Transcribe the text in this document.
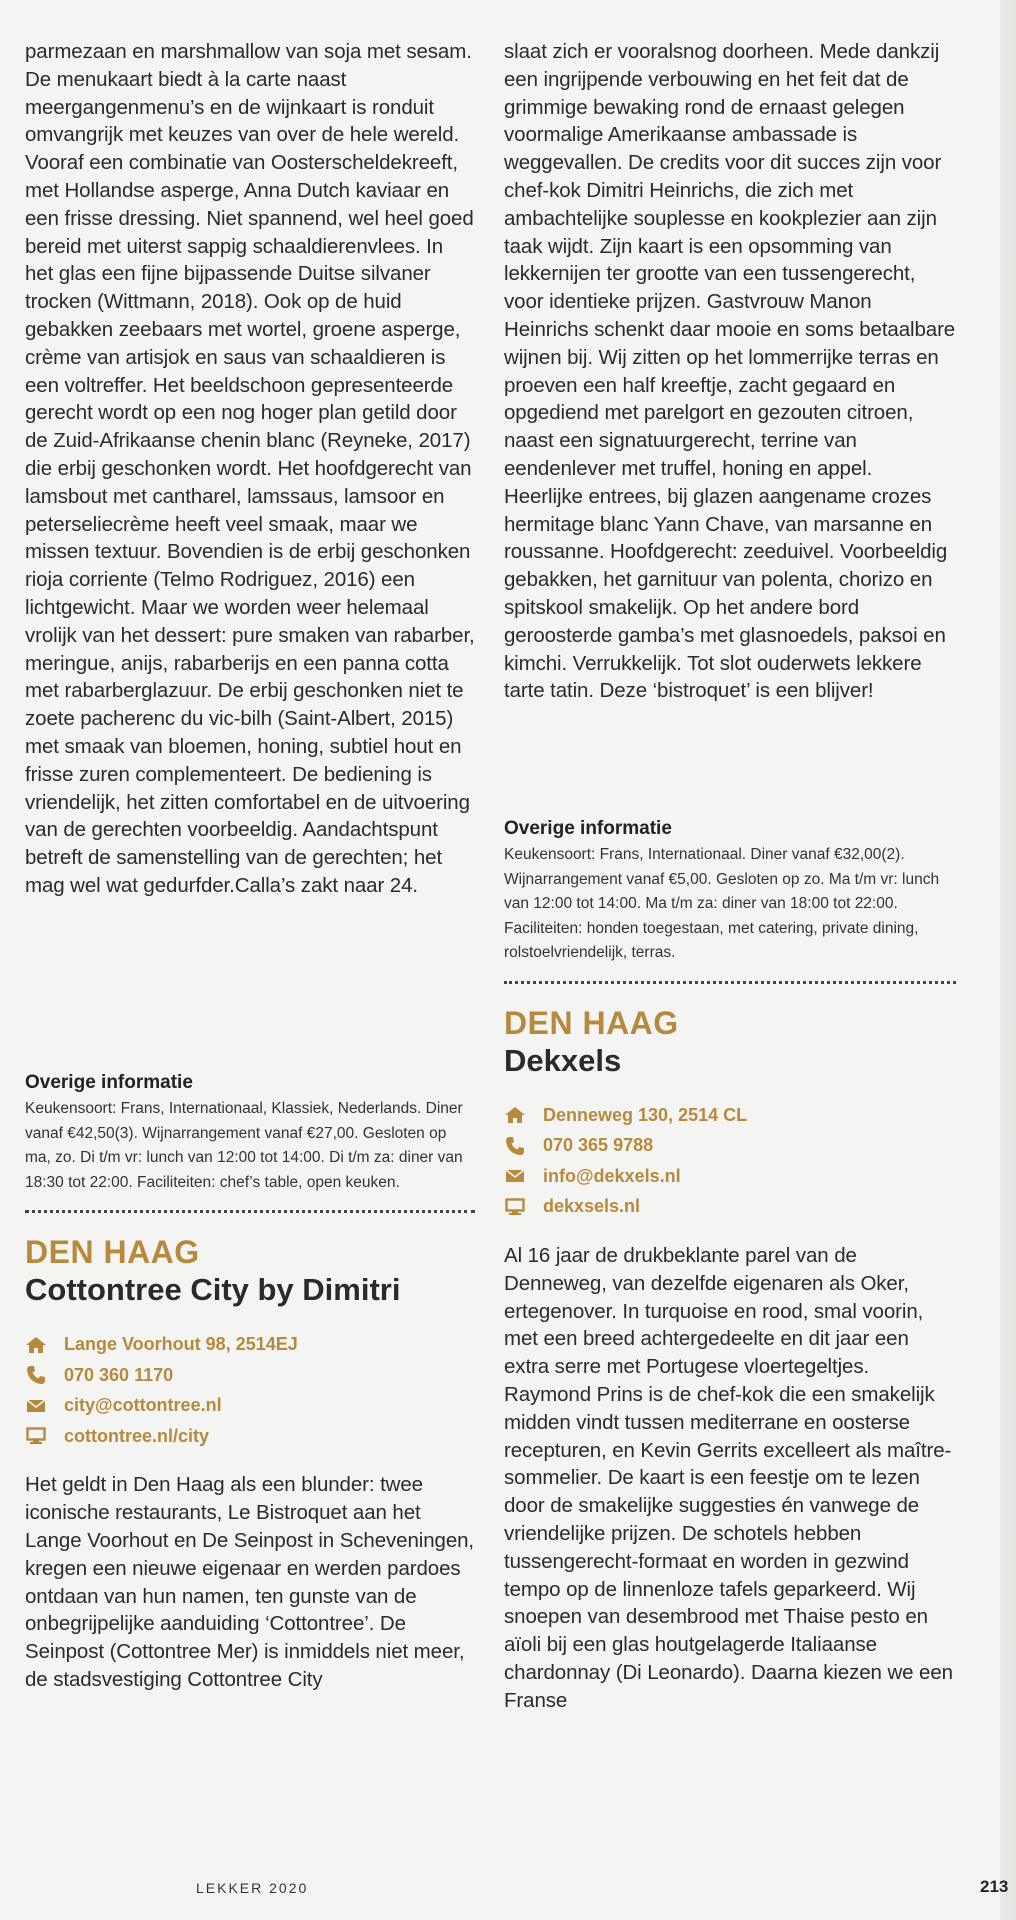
parmezaan en marshmallow van soja met sesam. De menukaart biedt à la carte naast meergangenmenu’s en de wijnkaart is ronduit omvangrijk met keuzes van over de hele wereld. Vooraf een combinatie van Oosterscheldekreeft, met Hollandse asperge, Anna Dutch kaviaar en een frisse dressing. Niet spannend, wel heel goed bereid met uiterst sappig schaaldierenvlees. In het glas een fijne bijpassende Duitse silvaner trocken (Wittmann, 2018). Ook op de huid gebakken zeebaars met wortel, groene asperge, crème van artisjok en saus van schaaldieren is een voltreffer. Het beeldschoon gepresenteerde gerecht wordt op een nog hoger plan getild door de Zuid-Afrikaanse chenin blanc (Reyneke, 2017) die erbij geschonken wordt. Het hoofdgerecht van lamsbout met cantharel, lamssaus, lamsoor en peterseliecrème heeft veel smaak, maar we missen textuur. Bovendien is de erbij geschonken rioja corriente (Telmo Rodriguez, 2016) een lichtgewicht. Maar we worden weer helemaal vrolijk van het dessert: pure smaken van rabarber, meringue, anijs, rabarberijs en een panna cotta met rabarberglazuur. De erbij geschonken niet te zoete pacherenc du vic-bilh (Saint-Albert, 2015) met smaak van bloemen, honing, subtiel hout en frisse zuren complementeert. De bediening is vriendelijk, het zitten comfortabel en de uitvoering van de gerechten voorbeeldig. Aandachtspunt betreft de samenstelling van de gerechten; het mag wel wat gedurfder.Calla’s zakt naar 24.

Overige informatie

Keukensoort: Frans, Internationaal, Klassiek, Nederlands. Diner vanaf €42,50(3). Wijnarrangement vanaf €27,00. Gesloten op ma, zo. Di t/m vr: lunch van 12:00 tot 14:00. Di t/m za: diner van 18:30 tot 22:00. Faciliteiten: chef’s table, open keuken.

DEN HAAG

Cottontree City by Dimitri

Lange Voorhout 98, 2514EJ
070 360 1170
city@cottontree.nl
cottontree.nl/city

Het geldt in Den Haag als een blunder: twee iconische restaurants, Le Bistroquet aan het Lange Voorhout en De Seinpost in Scheveningen, kregen een nieuwe eigenaar en werden pardoes ontdaan van hun namen, ten gunste van de onbegrijpelijke aanduiding ‘Cottontree’. De Seinpost (Cottontree Mer) is inmiddels niet meer, de stadsvestiging Cottontree City

slaat zich er vooralsnog doorheen. Mede dankzij een ingrijpende verbouwing en het feit dat de grimmige bewaking rond de ernaast gelegen voormalige Amerikaanse ambassade is weggevallen. De credits voor dit succes zijn voor chef-kok Dimitri Heinrichs, die zich met ambachtelijke souplesse en kookplezier aan zijn taak wijdt. Zijn kaart is een opsomming van lekkernijen ter grootte van een tussengerecht, voor identieke prijzen. Gastvrouw Manon Heinrichs schenkt daar mooie en soms betaalbare wijnen bij. Wij zitten op het lommerrijke terras en proeven een half kreeftje, zacht gegaard en opgediend met parelgort en gezouten citroen, naast een signatuurgerecht, terrine van eendenlever met truffel, honing en appel. Heerlijke entrees, bij glazen aangename crozes hermitage blanc Yann Chave, van marsanne en roussanne. Hoofdgerecht: zeeduivel. Voorbeeldig gebakken, het garnituur van polenta, chorizo en spitskool smakelijk. Op het andere bord geroosterde gamba’s met glasnoedels, paksoi en kimchi. Verrukkelijk. Tot slot ouderwets lekkere tarte tatin. Deze ‘bistroquet’ is een blijver!

Overige informatie

Keukensoort: Frans, Internationaal. Diner vanaf €32,00(2). Wijnarrangement vanaf €5,00. Gesloten op zo. Ma t/m vr: lunch van 12:00 tot 14:00. Ma t/m za: diner van 18:00 tot 22:00. Faciliteiten: honden toegestaan, met catering, private dining, rolstoelvriendelijk, terras.

DEN HAAG

Dekxels

Denneweg 130, 2514 CL
070 365 9788
info@dekxels.nl
dekxsels.nl

Al 16 jaar de drukbeklante parel van de Denneweg, van dezelfde eigenaren als Oker, ertegenover. In turquoise en rood, smal voorin, met een breed achtergedeelte en dit jaar een extra serre met Portugese vloertegeltjes. Raymond Prins is de chef-kok die een smakelijk midden vindt tussen mediterrane en oosterse recepturen, en Kevin Gerrits excelleert als maître-sommelier. De kaart is een feestje om te lezen door de smakelijke suggesties én vanwege de vriendelijke prijzen. De schotels hebben tussengerecht-formaat en worden in gezwind tempo op de linnenloze tafels geparkeerd. Wij snoepen van desembrood met Thaise pesto en aïoli bij een glas houtgelagerde Italiaanse chardonnay (Di Leonardo). Daarna kiezen we een Franse

LEKKER 2020	213
